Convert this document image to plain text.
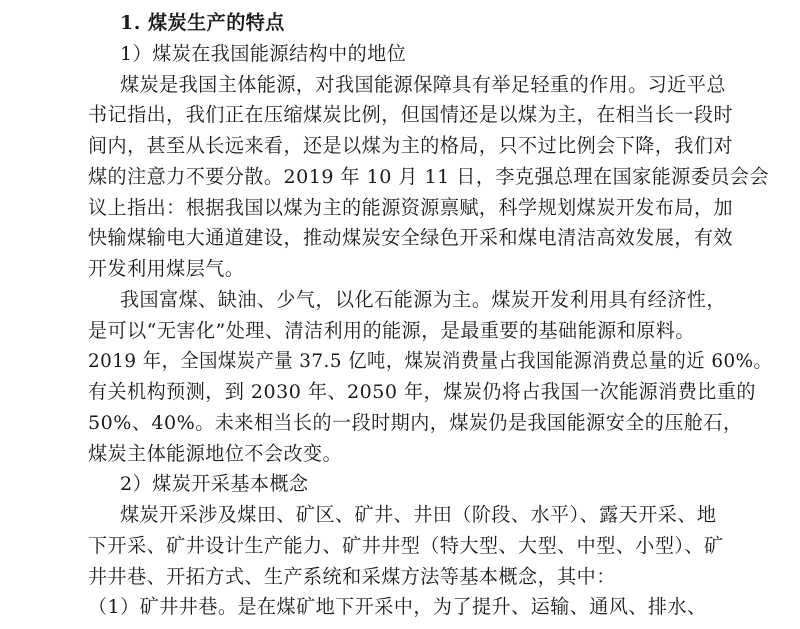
1. 煤炭生产的特点
1）煤炭在我国能源结构中的地位
煤炭是我国主体能源，对我国能源保障具有举足轻重的作用。习近平总
书记指出，我们正在压缩煤炭比例，但国情还是以煤为主，在相当长一段时
间内，甚至从长远来看，还是以煤为主的格局，只不过比例会下降，我们对
煤的注意力不要分散。2019 年 10 月 11 日，李克强总理在国家能源委员会会
议上指出：根据我国以煤为主的能源资源禀赋，科学规划煤炭开发布局，加
快输煤输电大通道建设，推动煤炭安全绿色开采和煤电清洁高效发展，有效
开发利用煤层气。
我国富煤、缺油、少气，以化石能源为主。煤炭开发利用具有经济性，
是可以“无害化”处理、清洁利用的能源，是最重要的基础能源和原料。
2019 年，全国煤炭产量 37.5 亿吨，煤炭消费量占我国能源消费总量的近 60%。
有关机构预测，到 2030 年、2050 年，煤炭仍将占我国一次能源消费比重的
50%、40%。未来相当长的一段时期内，煤炭仍是我国能源安全的压舱石，
煤炭主体能源地位不会改变。
2）煤炭开采基本概念
煤炭开采涉及煤田、矿区、矿井、井田（阶段、水平）、露天开采、地
下开采、矿井设计生产能力、矿井井型（特大型、大型、中型、小型）、矿
井井巷、开拓方式、生产系统和采煤方法等基本概念，其中：
（1）矿井井巷。是在煤矿地下开采中，为了提升、运输、通风、排水、
